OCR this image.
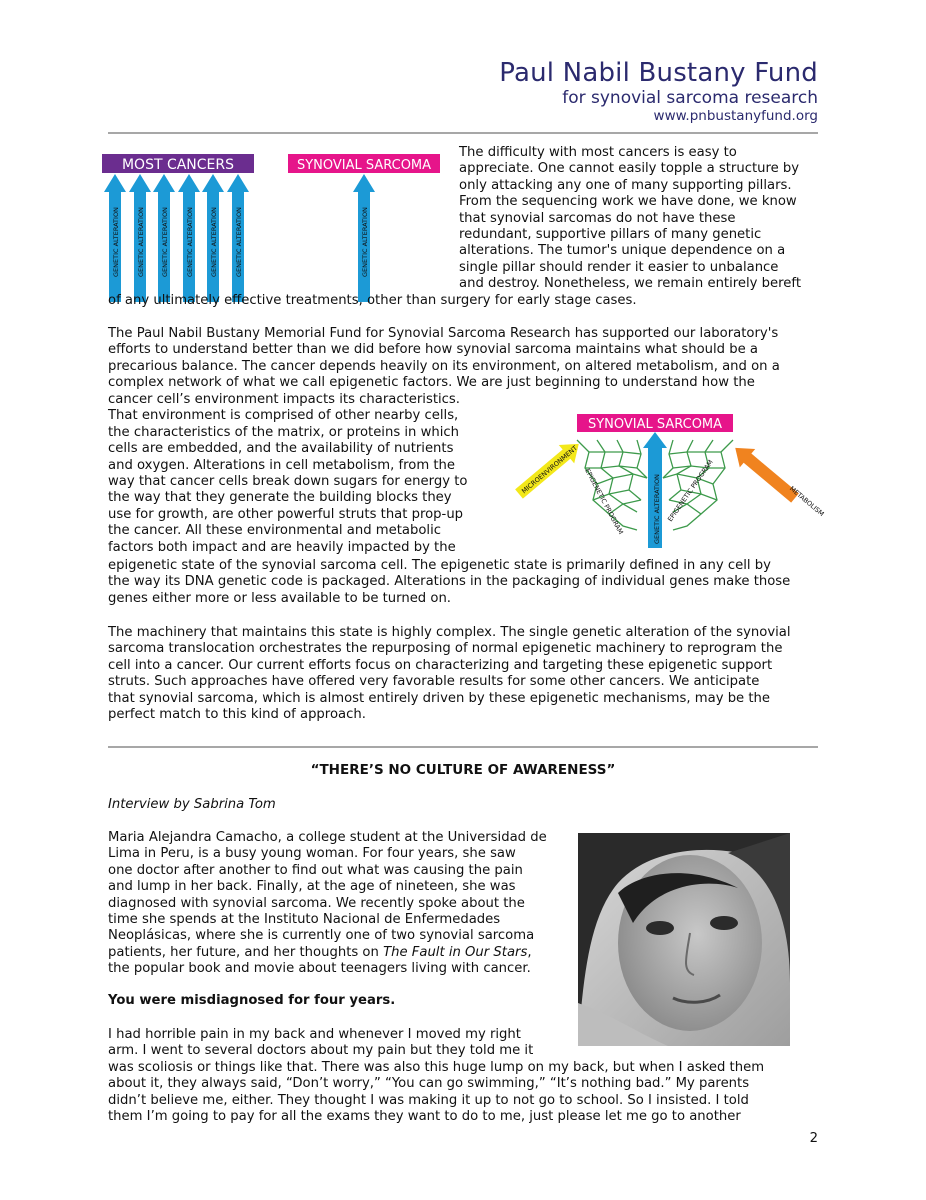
Paul Nabil Bustany Fund
for synovial sarcoma research
www.pnbustanyfund.org
MOST CANCERS	SYNOVIAL SARCOMA
GENETIC ALTERATION	GENETIC ALTERATION GENETIC ALTERATION	GENETIC ALTERATION GENETIC ALTERATION	GENETIC ALTERATION	GENETIC ALTERATION
The difficulty with most cancers is easy to
appreciate. One cannot easily topple a structure by
only attacking any one of many supporting pillars.
From the sequencing work we have done, we know
that synovial sarcomas do not have these
redundant, supportive pillars of many genetic
alterations. The tumor's unique dependence on a
single pillar should render it easier to unbalance
and destroy. Nonetheless, we remain entirely bereft
of any ultimately effective treatments, other than surgery for early stage cases.
The Paul Nabil Bustany Memorial Fund for Synovial Sarcoma Research has supported our laboratory's
efforts to understand better than we did before how synovial sarcoma maintains what should be a
precarious balance. The cancer depends heavily on its environment, on altered metabolism, and on a
complex network of what we call epigenetic factors. We are just beginning to understand how the
cancer cell’s environment impacts its characteristics.
That environment is comprised of other nearby cells,
the characteristics of the matrix, or proteins in which
cells are embedded, and the availability of nutrients
and oxygen. Alterations in cell metabolism, from the
way that cancer cells break down sugars for energy to
the way that they generate the building blocks they
use for growth, are other powerful struts that prop-up
the cancer. All these environmental and metabolic
factors both impact and are heavily impacted by the
epigenetic state of the synovial sarcoma cell. The epigenetic state is primarily defined in any cell by
the way its DNA genetic code is packaged. Alterations in the packaging of individual genes make those
genes either more or less available to be turned on.
SYNOVIAL SARCOMA
MICROENVIRONMENT
METABOLISM
EPIGENETIC PROGRAM	EPIGENETIC PROGRAM
GENETIC ALTERATION
The machinery that maintains this state is highly complex. The single genetic alteration of the synovial
sarcoma translocation orchestrates the repurposing of normal epigenetic machinery to reprogram the
cell into a cancer. Our current efforts focus on characterizing and targeting these epigenetic support
struts. Such approaches have offered very favorable results for some other cancers. We anticipate
that synovial sarcoma, which is almost entirely driven by these epigenetic mechanisms, may be the
perfect match to this kind of approach.
“THERE’S NO CULTURE OF AWARENESS”
Interview by Sabrina Tom
Maria Alejandra Camacho, a college student at the Universidad de
Lima in Peru, is a busy young woman. For four years, she saw
one doctor after another to find out what was causing the pain
and lump in her back. Finally, at the age of nineteen, she was
diagnosed with synovial sarcoma. We recently spoke about the
time she spends at the Instituto Nacional de Enfermedades
Neoplásicas, where she is currently one of two synovial sarcoma
patients, her future, and her thoughts on The Fault in Our Stars,
the popular book and movie about teenagers living with cancer.
You were misdiagnosed for four years.
I had horrible pain in my back and whenever I moved my right
arm. I went to several doctors about my pain but they told me it
was scoliosis or things like that. There was also this huge lump on my back, but when I asked them
about it, they always said, “Don’t worry,” “You can go swimming,” “It’s nothing bad.” My parents
didn’t believe me, either. They thought I was making it up to not go to school. So I insisted. I told
them I’m going to pay for all the exams they want to do to me, just please let me go to another
2
